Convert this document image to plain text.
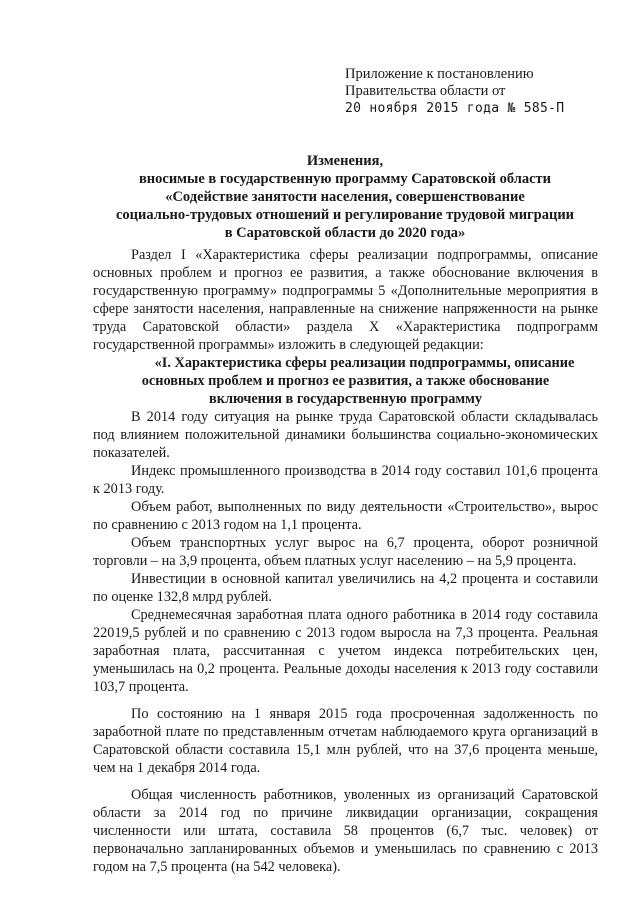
Приложение к постановлению
Правительства области от
20 ноября 2015 года № 585-П
Изменения,
вносимые в государственную программу Саратовской области
«Содействие занятости населения, совершенствование
социально-трудовых отношений и регулирование трудовой миграции
в Саратовской области до 2020 года»

Раздел I «Характеристика сферы реализации подпрограммы, описание основных проблем и прогноз ее развития, а также обоснование включения в государственную программу» подпрограммы 5 «Дополнительные мероприятия в сфере занятости населения, направленные на снижение напряженности на рынке труда Саратовской области» раздела X «Характеристика подпрограмм государственной программы» изложить в следующей редакции:

«I. Характеристика сферы реализации подпрограммы, описание основных проблем и прогноз ее развития, а также обоснование включения в государственную программу

В 2014 году ситуация на рынке труда Саратовской области складывалась под влиянием положительной динамики большинства социально-экономических показателей.

Индекс промышленного производства в 2014 году составил 101,6 процента к 2013 году.

Объем работ, выполненных по виду деятельности «Строительство», вырос по сравнению с 2013 годом на 1,1 процента.

Объем транспортных услуг вырос на 6,7 процента, оборот розничной торговли – на 3,9 процента, объем платных услуг населению – на 5,9 процента.

Инвестиции в основной капитал увеличились на 4,2 процента и составили по оценке 132,8 млрд рублей.

Среднемесячная заработная плата одного работника в 2014 году составила 22019,5 рублей и по сравнению с 2013 годом выросла на 7,3 процента. Реальная заработная плата, рассчитанная с учетом индекса потребительских цен, уменьшилась на 0,2 процента. Реальные доходы населения к 2013 году составили 103,7 процента.

По состоянию на 1 января 2015 года просроченная задолженность по заработной плате по представленным отчетам наблюдаемого круга организаций в Саратовской области составила 15,1 млн рублей, что на 37,6 процента меньше, чем на 1 декабря 2014 года.

Общая численность работников, уволенных из организаций Саратовской области за 2014 год по причине ликвидации организации, сокращения численности или штата, составила 58 процентов (6,7 тыс. человек) от первоначально запланированных объемов и уменьшилась по сравнению с 2013 годом на 7,5 процента (на 542 человека).
